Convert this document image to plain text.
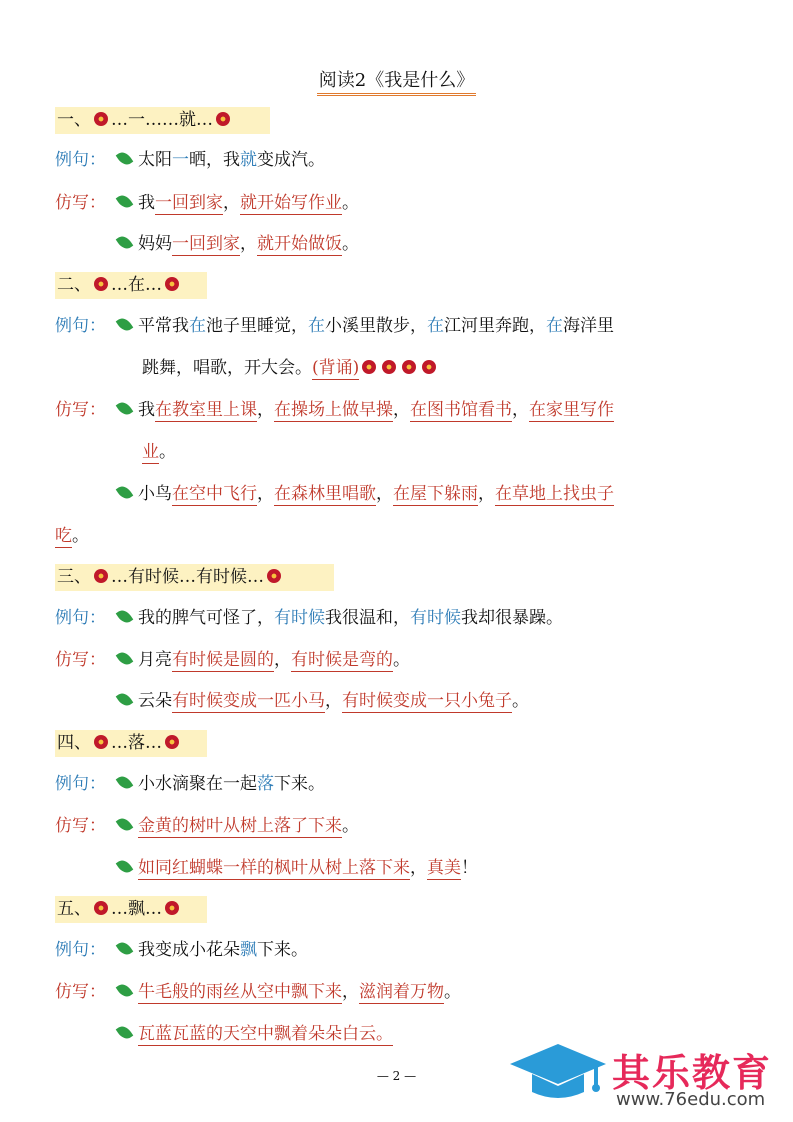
阅读2《我是什么》
一、 …一……就…
例句： 太阳一晒，我就变成汽。
仿写： 我一回到家，就开始写作业。
妈妈一回到家，就开始做饭。
二、 …在…
例句： 平常我在池子里睡觉，在小溪里散步，在江河里奔跑，在海洋里
跳舞，唱歌，开大会。(背诵)
仿写： 我在教室里上课，在操场上做早操，在图书馆看书，在家里写作
业。
小鸟在空中飞行，在森林里唱歌，在屋下躲雨，在草地上找虫子
吃。
三、 …有时候…有时候…
例句： 我的脾气可怪了，有时候我很温和，有时候我却很暴躁。
仿写： 月亮有时候是圆的，有时候是弯的。
云朵有时候变成一匹小马，有时候变成一只小兔子。
四、 …落…
例句： 小水滴聚在一起落下来。
仿写： 金黄的树叶从树上落了下来。
如同红蝴蝶一样的枫叶从树上落下来，真美！
五、 …飘…
例句： 我变成小花朵飘下来。
仿写： 牛毛般的雨丝从空中飘下来，滋润着万物。
瓦蓝瓦蓝的天空中飘着朵朵白云。
— 2 —	其乐教育
www.76edu.com
